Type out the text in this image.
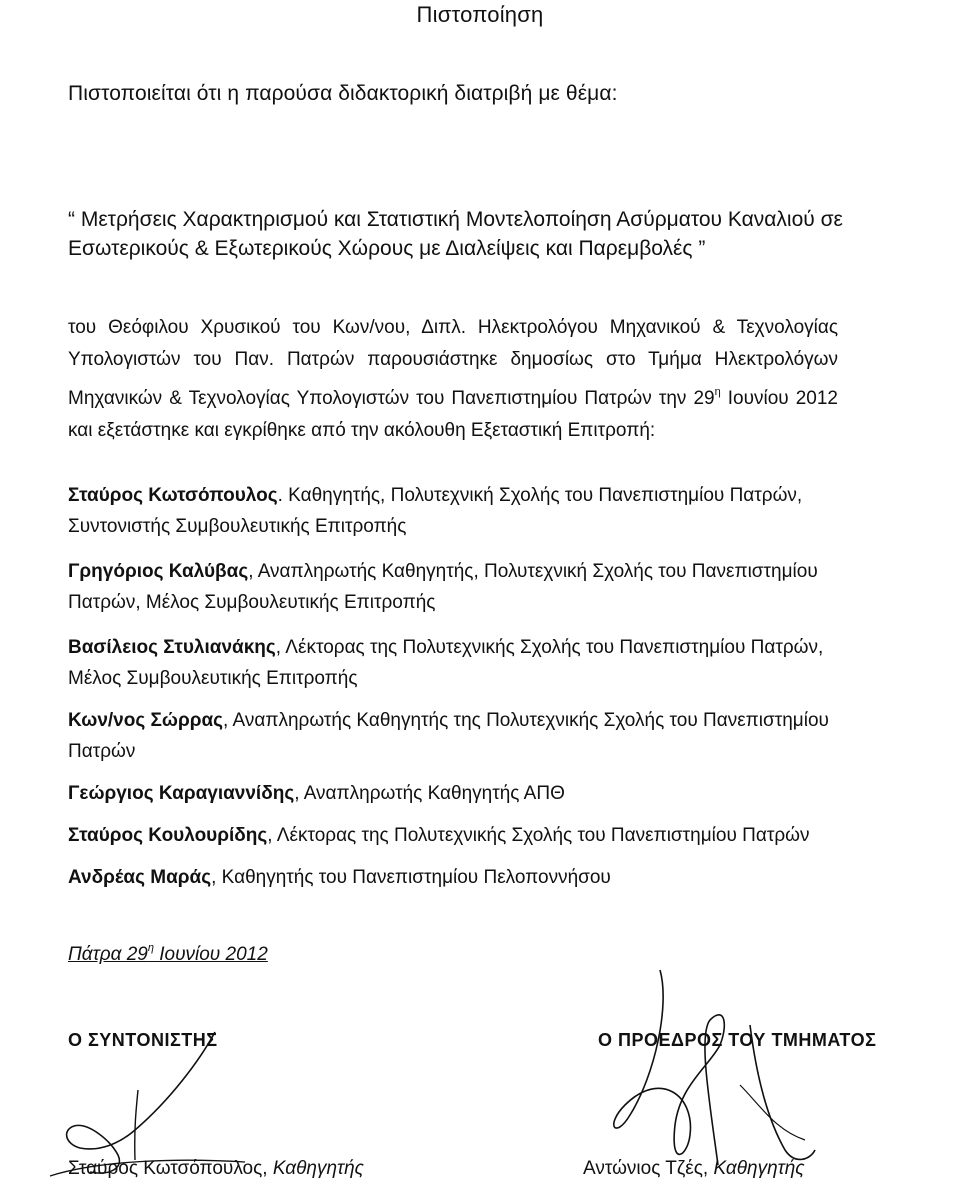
Πιστοποίηση
Πιστοποιείται ότι η παρούσα διδακτορική διατριβή με θέμα:
“ Μετρήσεις Χαρακτηρισμού και Στατιστική Μοντελοποίηση Ασύρματου Καναλιού σε Εσωτερικούς & Εξωτερικούς Χώρους με Διαλείψεις και Παρεμβολές ”
του Θεόφιλου Χρυσικού του Κων/νου, Διπλ. Ηλεκτρολόγου Μηχανικού & Τεχνολογίας Υπολογιστών του Παν. Πατρών παρουσιάστηκε δημοσίως στο Τμήμα Ηλεκτρολόγων Μηχανικών & Τεχνολογίας Υπολογιστών του Πανεπιστημίου Πατρών την $29^\eta$ Ιουνίου 2012 και εξετάστηκε και εγκρίθηκε από την ακόλουθη Εξεταστική Επιτροπή:
Σταύρος Κωτσόπουλος. Καθηγητής, Πολυτεχνική Σχολής του Πανεπιστημίου Πατρών, Συντονιστής Συμβουλευτικής Επιτροπής
Γρηγόριος Καλύβας, Αναπληρωτής Καθηγητής, Πολυτεχνική Σχολής του Πανεπιστημίου Πατρών, Μέλος Συμβουλευτικής Επιτροπής
Βασίλειος Στυλιανάκης, Λέκτορας της Πολυτεχνικής Σχολής του Πανεπιστημίου Πατρών, Μέλος Συμβουλευτικής Επιτροπής
Κων/νος Σώρρας, Αναπληρωτής Καθηγητής της Πολυτεχνικής Σχολής του Πανεπιστημίου Πατρών
Γεώργιος Καραγιαννίδης, Αναπληρωτής Καθηγητής ΑΠΘ
Σταύρος Κουλουρίδης, Λέκτορας της Πολυτεχνικής Σχολής του Πανεπιστημίου Πατρών
Ανδρέας Μαράς, Καθηγητής του Πανεπιστημίου Πελοποννήσου
Πάτρα $29^\eta$ Ιουνίου 2012
Ο ΣΥΝΤΟΝΙΣΤΗΣ	Ο ΠΡΟΕΔΡΟΣ ΤΟΥ ΤΜΗΜΑΤΟΣ
Σταύρος Κωτσόπουλος, Καθηγητής	Αντώνιος Τζές, Καθηγητής
